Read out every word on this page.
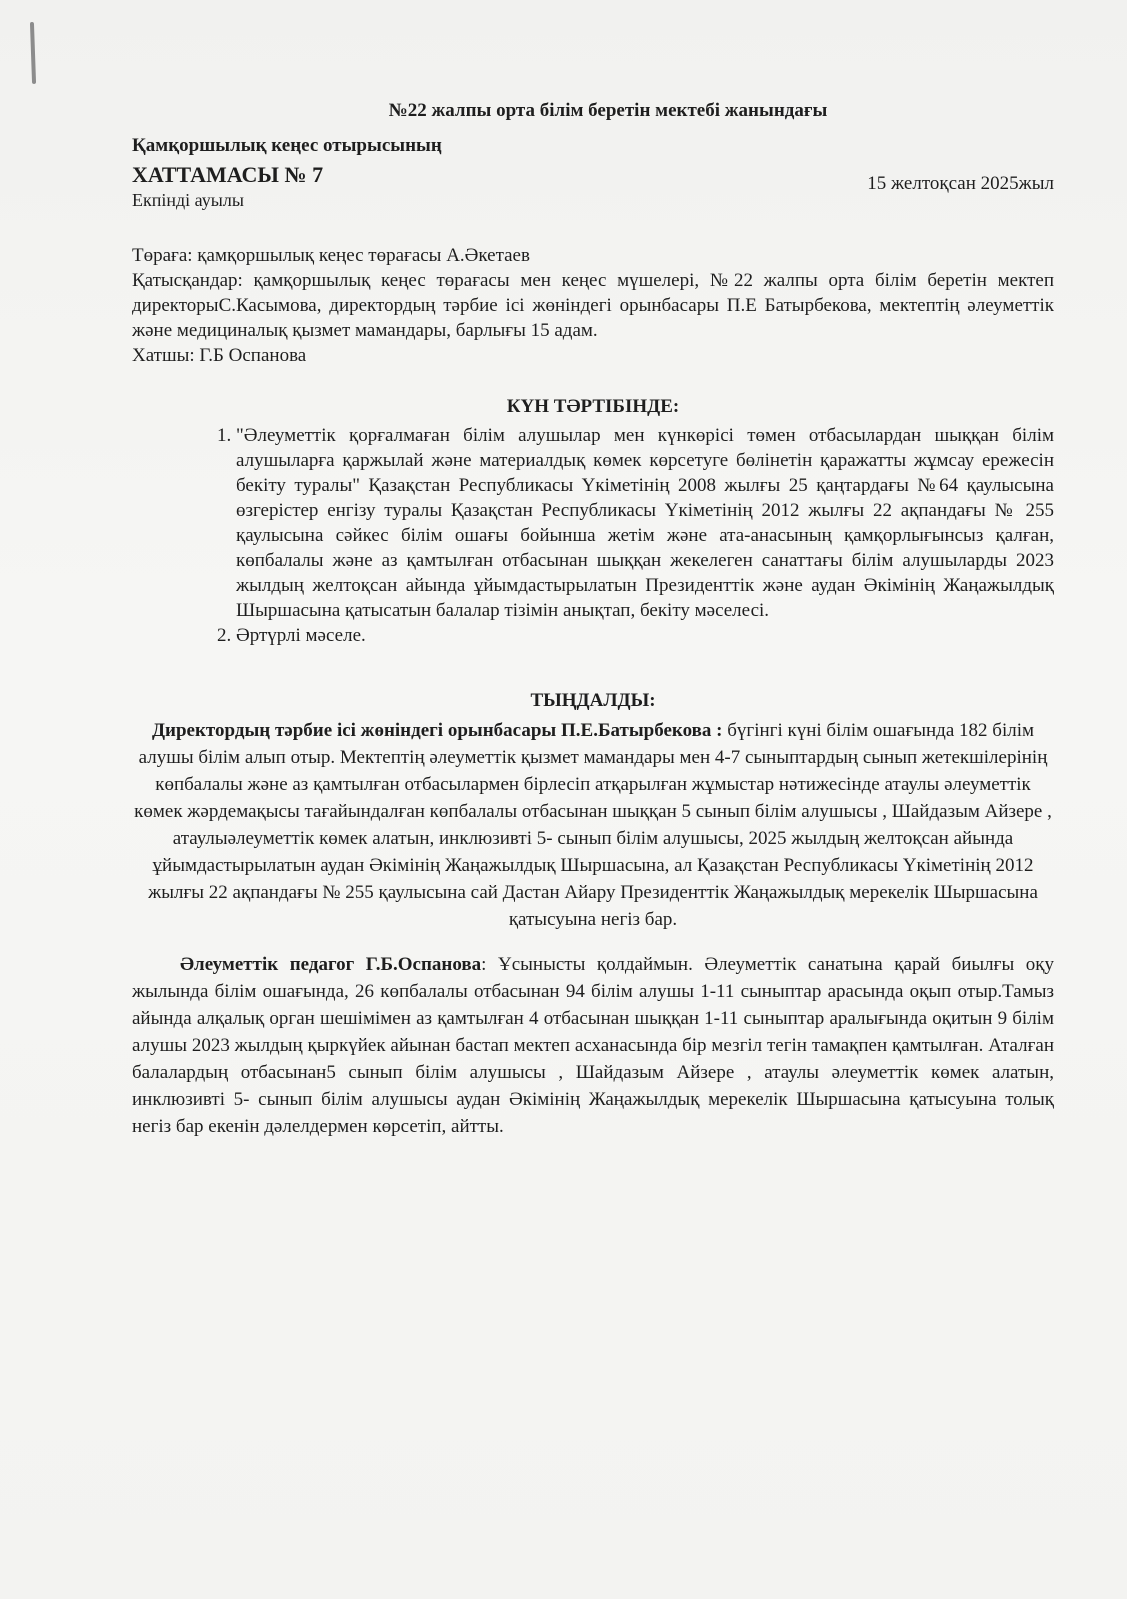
№22 жалпы орта білім беретін мектебі жанындағы

Қамқоршылық кеңес отырысының

ХАТТАМАСЫ № 7	15 желтоқсан 2025жыл

Екпінді ауылы

Төраға: қамқоршылық кеңес төрағасы А.Әкетаев

Қатысқандар: қамқоршылық кеңес төрағасы мен кеңес мүшелері, №22 жалпы орта білім беретін мектеп директорыС.Касымова, директордың тәрбие ісі жөніндегі орынбасары П.Е Батырбекова, мектептің әлеуметтік және медициналық қызмет мамандары, барлығы 15 адам.

Хатшы: Г.Б Оспанова

КҮН ТӘРТІБІНДЕ:

1. "Әлеуметтік қорғалмаған білім алушылар мен күнкөрісі төмен отбасылардан шыққан білім алушыларға қаржылай және материалдық көмек көрсетуге бөлінетін қаражатты жұмсау ережесін бекіту туралы" Қазақстан Республикасы Үкіметінің 2008 жылғы 25 қаңтардағы №64 қаулысына өзгерістер енгізу туралы Қазақстан Республикасы Үкіметінің 2012 жылғы 22 ақпандағы № 255 қаулысына сәйкес білім ошағы бойынша жетім және ата-анасының қамқорлығынсыз қалған, көпбалалы және аз қамтылған отбасынан шыққан жекелеген санаттағы білім алушыларды 2023 жылдың желтоқсан айында ұйымдастырылатын Президенттік және аудан Әкімінің Жаңажылдық Шыршасына қатысатын балалар тізімін анықтап, бекіту мәселесі.
2. Әртүрлі мәселе.

ТЫҢДАЛДЫ:

Директордың тәрбие ісі жөніндегі орынбасары П.Е.Батырбекова : бүгінгі күні білім ошағында 182 білім алушы білім алып отыр. Мектептің әлеуметтік қызмет мамандары мен 4-7 сыныптардың сынып жетекшілерінің көпбалалы және аз қамтылған отбасылармен бірлесіп атқарылған жұмыстар нәтижесінде атаулы әлеуметтік көмек жәрдемақысы тағайындалған көпбалалы отбасынан шыққан 5 сынып білім алушысы , Шайдазым Айзере , атаулыәлеуметтік көмек алатын, инклюзивті 5- сынып білім алушысы, 2025 жылдың желтоқсан айында ұйымдастырылатын аудан Әкімінің Жаңажылдық Шыршасына, ал Қазақстан Республикасы Үкіметінің 2012 жылғы 22 ақпандағы № 255 қаулысына сай Дастан Айару Президенттік Жаңажылдық мерекелік Шыршасына қатысуына негіз бар.

Әлеуметтік педагог Г.Б.Оспанова: Ұсынысты қолдаймын. Әлеуметтік санатына қарай биылғы оқу жылында білім ошағында, 26 көпбалалы отбасынан 94 білім алушы 1-11 сыныптар арасында оқып отыр.Тамыз айында алқалық орган шешімімен аз қамтылған 4 отбасынан шыққан 1-11 сыныптар аралығында оқитын 9 білім алушы 2023 жылдың қыркүйек айынан бастап мектеп асханасында бір мезгіл тегін тамақпен қамтылған. Аталған балалардың отбасынан5 сынып білім алушысы , Шайдазым Айзере , атаулы әлеуметтік көмек алатын, инклюзивті 5- сынып білім алушысы аудан Әкімінің Жаңажылдық мерекелік Шыршасына қатысуына толық негіз бар екенін дәлелдермен көрсетіп, айтты.
